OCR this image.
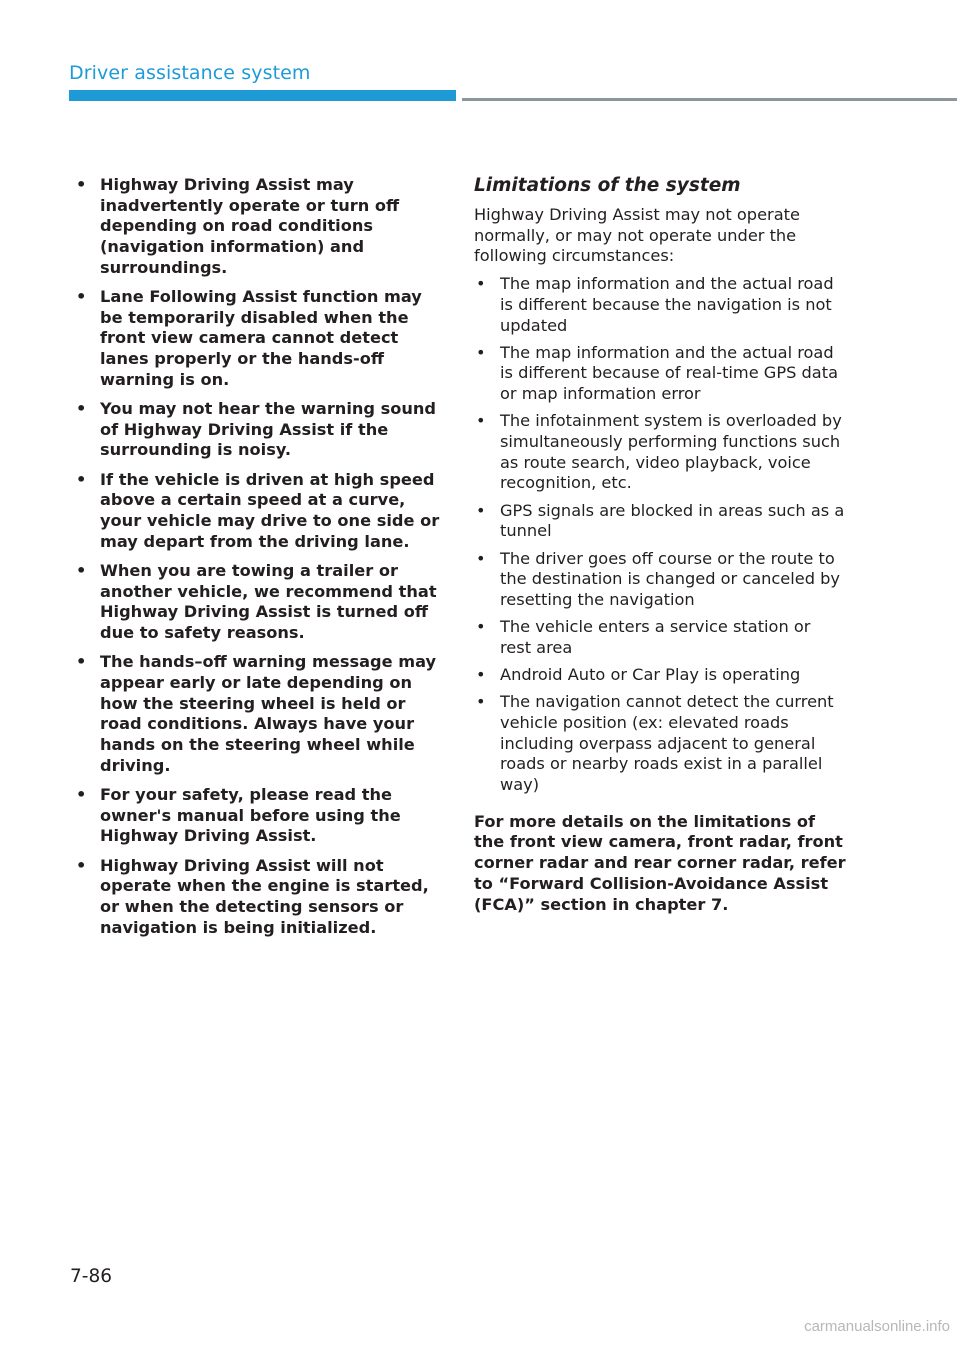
Driver assistance system
• Highway Driving Assist may inadvertently operate or turn off depending on road conditions (navigation information) and surroundings.
• Lane Following Assist function may be temporarily disabled when the front view camera cannot detect lanes properly or the hands-off warning is on.
• You may not hear the warning sound of Highway Driving Assist if the surrounding is noisy.
• If the vehicle is driven at high speed above a certain speed at a curve, your vehicle may drive to one side or may depart from the driving lane.
• When you are towing a trailer or another vehicle, we recommend that Highway Driving Assist is turned off due to safety reasons.
• The hands–off warning message may appear early or late depending on how the steering wheel is held or road conditions. Always have your hands on the steering wheel while driving.
• For your safety, please read the owner's manual before using the Highway Driving Assist.
• Highway Driving Assist will not operate when the engine is started, or when the detecting sensors or navigation is being initialized.
Limitations of the system

Highway Driving Assist may not operate normally, or may not operate under the following circumstances:

• The map information and the actual road is different because the navigation is not updated
• The map information and the actual road is different because of real-time GPS data or map information error
• The infotainment system is overloaded by simultaneously performing functions such as route search, video playback, voice recognition, etc.
• GPS signals are blocked in areas such as a tunnel
• The driver goes off course or the route to the destination is changed or canceled by resetting the navigation
• The vehicle enters a service station or rest area
• Android Auto or Car Play is operating
• The navigation cannot detect the current vehicle position (ex: elevated roads including overpass adjacent to general roads or nearby roads exist in a parallel way)

For more details on the limitations of the front view camera, front radar, front corner radar and rear corner radar, refer to “Forward Collision-Avoidance Assist (FCA)” section in chapter 7.

7-86
carmanualsonline.info
